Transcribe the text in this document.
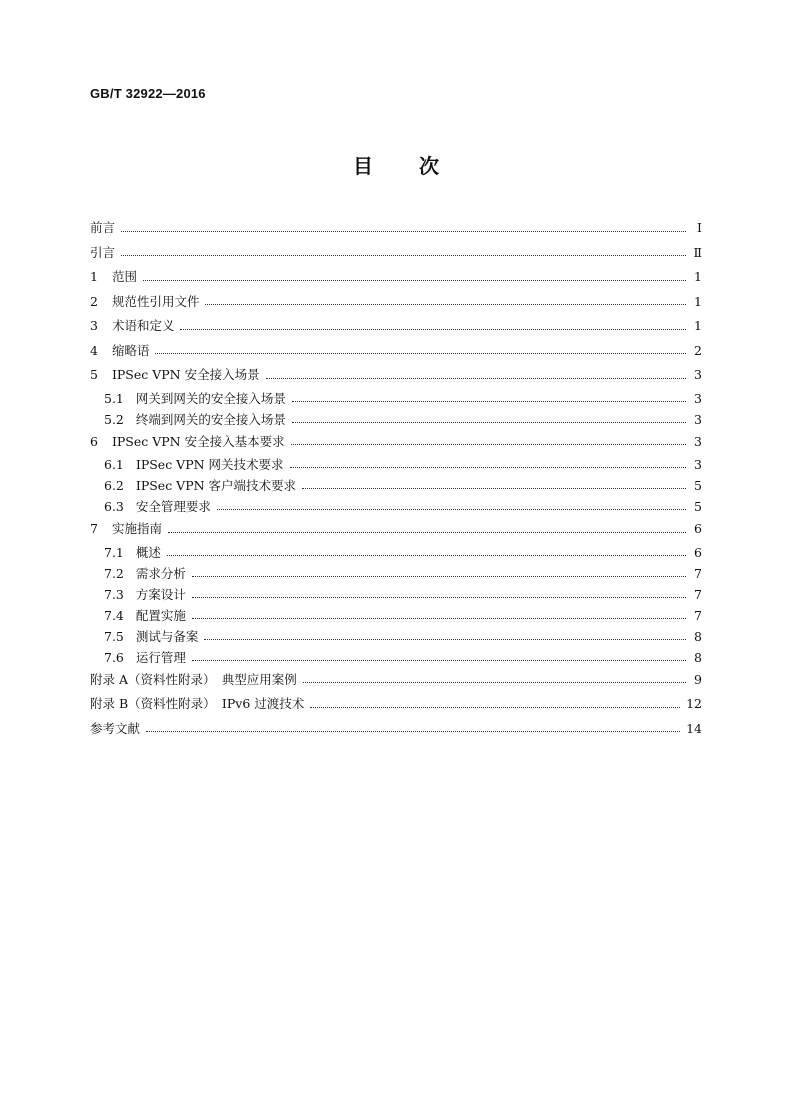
GB/T 32922—2016
目 次
前言	Ⅰ
引言	Ⅱ
1 范围	1
2 规范性引用文件	1
3 术语和定义	1
4 缩略语	2
5 IPSec VPN 安全接入场景	3
5.1 网关到网关的安全接入场景	3
5.2 终端到网关的安全接入场景	3
6 IPSec VPN 安全接入基本要求	3
6.1 IPSec VPN 网关技术要求	3
6.2 IPSec VPN 客户端技术要求	5
6.3 安全管理要求	5
7 实施指南	6
7.1 概述	6
7.2 需求分析	7
7.3 方案设计	7
7.4 配置实施	7
7.5 测试与备案	8
7.6 运行管理	8
附录 A（资料性附录）　典型应用案例	9
附录 B（资料性附录）　IPv6 过渡技术	12
参考文献	14
